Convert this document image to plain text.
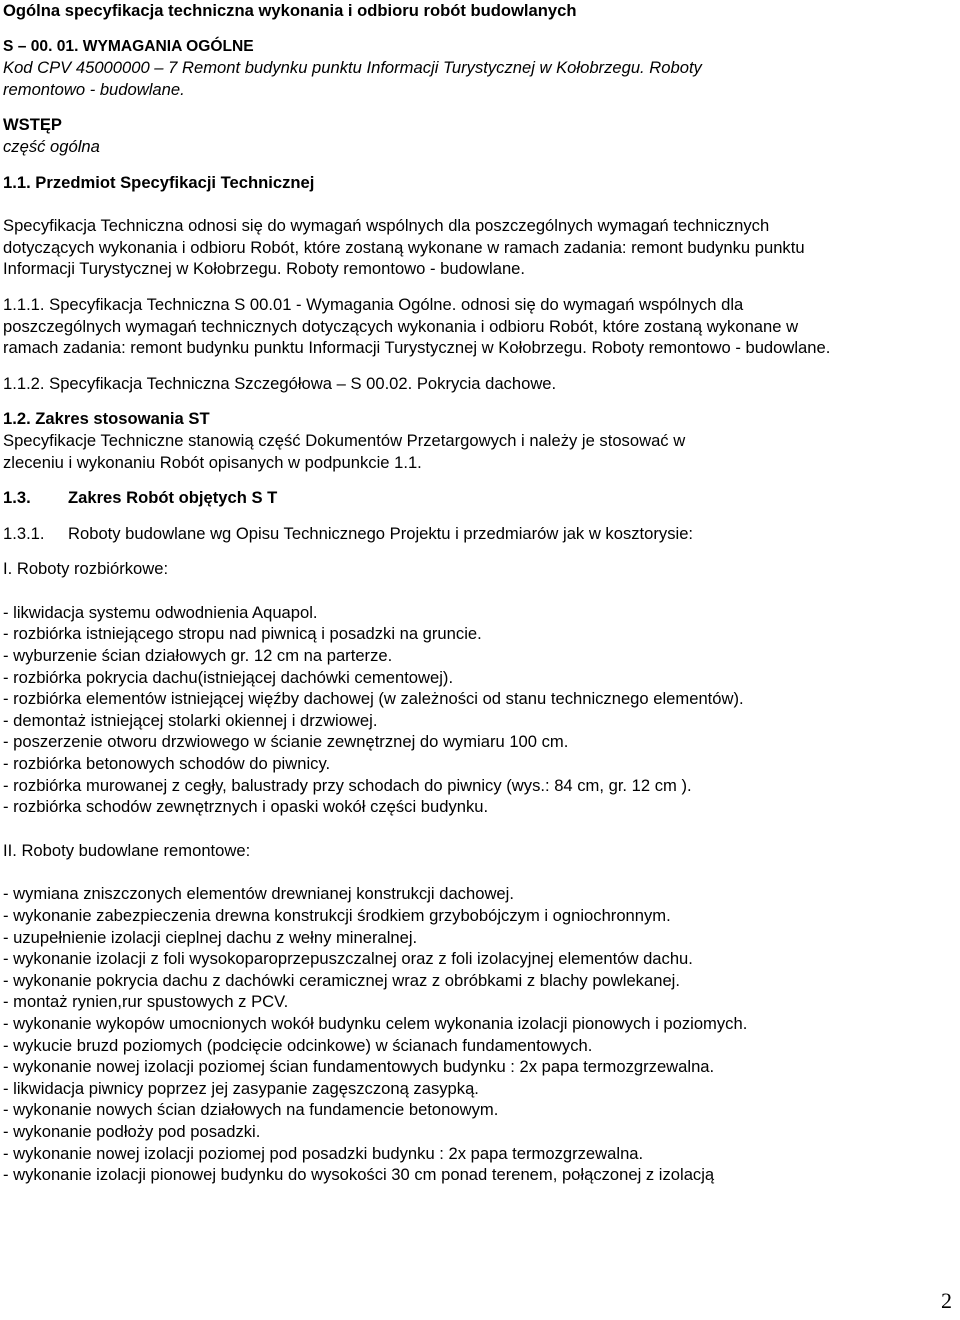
Ogólna specyfikacja techniczna wykonania i odbioru robót budowlanych
S – 00. 01. WYMAGANIA OGÓLNE
Kod CPV 45000000 – 7 Remont budynku punktu Informacji Turystycznej w Kołobrzegu. Roboty
remontowo - budowlane.
WSTĘP
część ogólna
1.1. Przedmiot Specyfikacji Technicznej
Specyfikacja Techniczna odnosi się do wymagań wspólnych dla poszczególnych wymagań technicznych
dotyczących wykonania i odbioru Robót, które zostaną wykonane w ramach zadania: remont budynku punktu
Informacji Turystycznej w Kołobrzegu. Roboty remontowo - budowlane.
1.1.1. Specyfikacja Techniczna S 00.01 - Wymagania Ogólne. odnosi się do wymagań wspólnych dla
poszczególnych wymagań technicznych dotyczących wykonania i odbioru Robót, które zostaną wykonane w
ramach zadania: remont budynku punktu Informacji Turystycznej w Kołobrzegu. Roboty remontowo - budowlane.
1.1.2. Specyfikacja Techniczna Szczegółowa – S 00.02. Pokrycia dachowe.
1.2. Zakres stosowania ST
Specyfikacje Techniczne stanowią część Dokumentów Przetargowych i należy je stosować w
zleceniu i wykonaniu Robót opisanych w podpunkcie 1.1.
1.3. Zakres Robót objętych S T
1.3.1. Roboty budowlane wg Opisu Technicznego Projektu i przedmiarów jak w kosztorysie:
I. Roboty rozbiórkowe:
- likwidacja systemu odwodnienia Aquapol.
- rozbiórka istniejącego stropu nad piwnicą i posadzki na gruncie.
- wyburzenie ścian działowych gr. 12 cm na parterze.
- rozbiórka pokrycia dachu(istniejącej dachówki cementowej).
- rozbiórka elementów istniejącej więźby dachowej (w zależności od stanu technicznego elementów).
- demontaż istniejącej stolarki okiennej i drzwiowej.
- poszerzenie otworu drzwiowego w ścianie zewnętrznej do wymiaru 100 cm.
- rozbiórka betonowych schodów do piwnicy.
- rozbiórka murowanej z cegły, balustrady przy schodach do piwnicy (wys.: 84 cm, gr. 12 cm ).
- rozbiórka schodów zewnętrznych i opaski wokół części budynku.
II. Roboty budowlane remontowe:
- wymiana zniszczonych elementów drewnianej konstrukcji dachowej.
- wykonanie zabezpieczenia drewna konstrukcji środkiem grzybobójczym i ogniochronnym.
- uzupełnienie izolacji cieplnej dachu z wełny mineralnej.
- wykonanie izolacji z foli wysokoparoprzepuszczalnej oraz z foli izolacyjnej elementów dachu.
- wykonanie pokrycia dachu z dachówki ceramicznej wraz z obróbkami z blachy powlekanej.
- montaż rynien,rur spustowych z PCV.
- wykonanie wykopów umocnionych wokół budynku celem wykonania izolacji pionowych i poziomych.
- wykucie bruzd poziomych (podcięcie odcinkowe) w ścianach fundamentowych.
- wykonanie nowej izolacji poziomej ścian fundamentowych budynku : 2x papa termozgrzewalna.
- likwidacja piwnicy poprzez jej zasypanie zagęszczoną zasypką.
- wykonanie nowych ścian działowych na fundamencie betonowym.
- wykonanie podłoży pod posadzki.
- wykonanie nowej izolacji poziomej pod posadzki budynku : 2x papa termozgrzewalna.
- wykonanie izolacji pionowej budynku do wysokości 30 cm ponad terenem, połączonej z izolacją
2
